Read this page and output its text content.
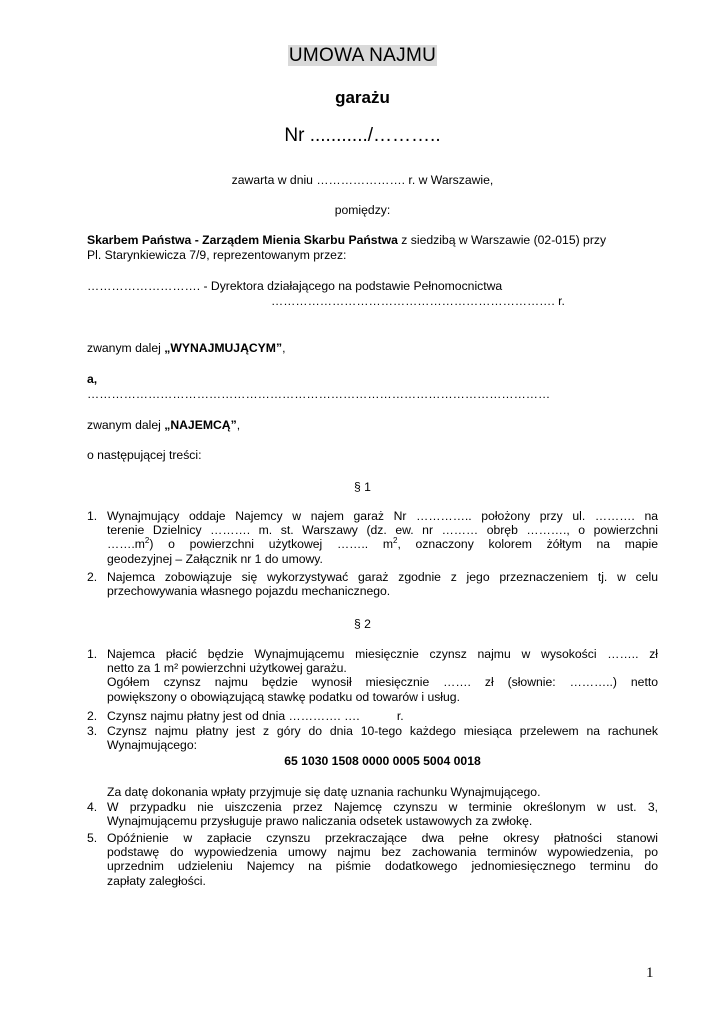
UMOWA NAJMU
garażu
Nr .........../………..
zawarta w dniu …………………. r. w Warszawie,
pomiędzy:
Skarbem Państwa - Zarządem Mienia Skarbu Państwa z siedzibą w Warszawie (02-015) przy
Pl. Starynkiewicza 7/9, reprezentowanym przez:
………………………. - Dyrektora działającego na podstawie Pełnomocnictwa
……………………………………………………………. r.
zwanym dalej „WYNAJMUJĄCYM”,
a,
……………………………………………………………………………………………………
zwanym dalej „NAJEMCĄ”,
o następującej treści:
§ 1
1. Wynajmujący oddaje Najemcy w najem garaż Nr ………….. położony przy ul. ………. na
terenie Dzielnicy ………. m. st. Warszawy (dz. ew. nr ……… obręb ………., o powierzchni
$\dots\dots.m^2$) o powierzchni użytkowej …….. $m^2$, oznaczony kolorem żółtym na mapie
geodezyjnej – Załącznik nr 1 do umowy.
2. Najemca zobowiązuje się wykorzystywać garaż zgodnie z jego przeznaczeniem tj. w celu
przechowywania własnego pojazdu mechanicznego.
§ 2
1. Najemca płacić będzie Wynajmującemu miesięcznie czynsz najmu w wysokości …….. zł
netto za 1 m² powierzchni użytkowej garażu.
Ogółem czynsz najmu będzie wynosił miesięcznie ……. zł (słownie: ………..) netto
powiększony o obowiązującą stawkę podatku od towarów i usług.
2. Czynsz najmu płatny jest od dnia …………. ….           r.
3. Czynsz najmu płatny jest z góry do dnia 10-tego każdego miesiąca przelewem na rachunek
Wynajmującego:
65 1030 1508 0000 0005 5004 0018
Za datę dokonania wpłaty przyjmuje się datę uznania rachunku Wynajmującego.
4. W przypadku nie uiszczenia przez Najemcę czynszu w terminie określonym w ust. 3,
Wynajmującemu przysługuje prawo naliczania odsetek ustawowych za zwłokę.
5. Opóźnienie w zapłacie czynszu przekraczające dwa pełne okresy płatności stanowi
podstawę do wypowiedzenia umowy najmu bez zachowania terminów wypowiedzenia, po
uprzednim udzieleniu Najemcy na piśmie dodatkowego jednomiesięcznego terminu do
zapłaty zaległości.
1
